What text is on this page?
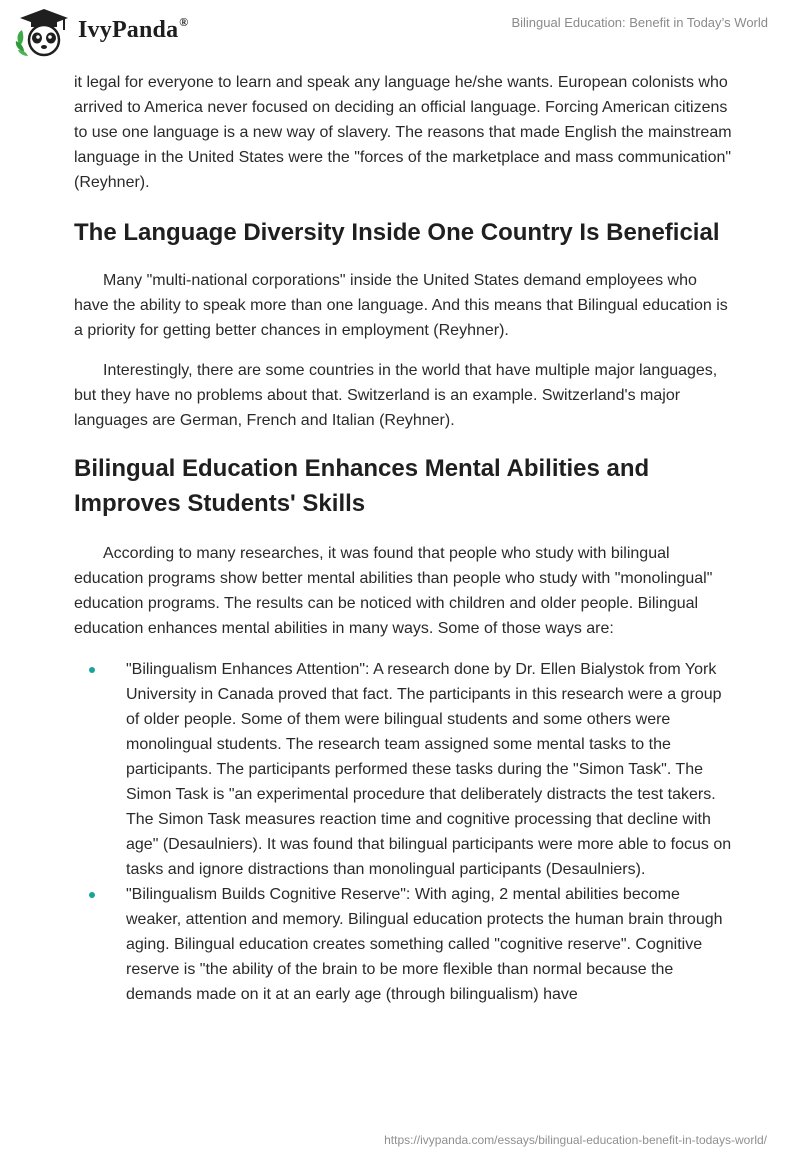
IvyPanda®	Bilingual Education: Benefit in Today’s World

it legal for everyone to learn and speak any language he/she wants. European colonists who arrived to America never focused on deciding an official language. Forcing American citizens to use one language is a new way of slavery. The reasons that made English the mainstream language in the United States were the "forces of the marketplace and mass communication" (Reyhner).

The Language Diversity Inside One Country Is Beneficial

Many "multi-national corporations" inside the United States demand employees who have the ability to speak more than one language. And this means that Bilingual education is a priority for getting better chances in employment (Reyhner).

Interestingly, there are some countries in the world that have multiple major languages, but they have no problems about that. Switzerland is an example. Switzerland's major languages are German, French and Italian (Reyhner).

Bilingual Education Enhances Mental Abilities and Improves Students' Skills

According to many researches, it was found that people who study with bilingual education programs show better mental abilities than people who study with "monolingual" education programs. The results can be noticed with children and older people. Bilingual education enhances mental abilities in many ways. Some of those ways are:

"Bilingualism Enhances Attention": A research done by Dr. Ellen Bialystok from York University in Canada proved that fact. The participants in this research were a group of older people. Some of them were bilingual students and some others were monolingual students. The research team assigned some mental tasks to the participants. The participants performed these tasks during the "Simon Task". The Simon Task is "an experimental procedure that deliberately distracts the test takers. The Simon Task measures reaction time and cognitive processing that decline with age" (Desaulniers). It was found that bilingual participants were more able to focus on tasks and ignore distractions than monolingual participants (Desaulniers).
"Bilingualism Builds Cognitive Reserve": With aging, 2 mental abilities become weaker, attention and memory. Bilingual education protects the human brain through aging. Bilingual education creates something called "cognitive reserve". Cognitive reserve is "the ability of the brain to be more flexible than normal because the demands made on it at an early age (through bilingualism) have
https://ivypanda.com/essays/bilingual-education-benefit-in-todays-world/
